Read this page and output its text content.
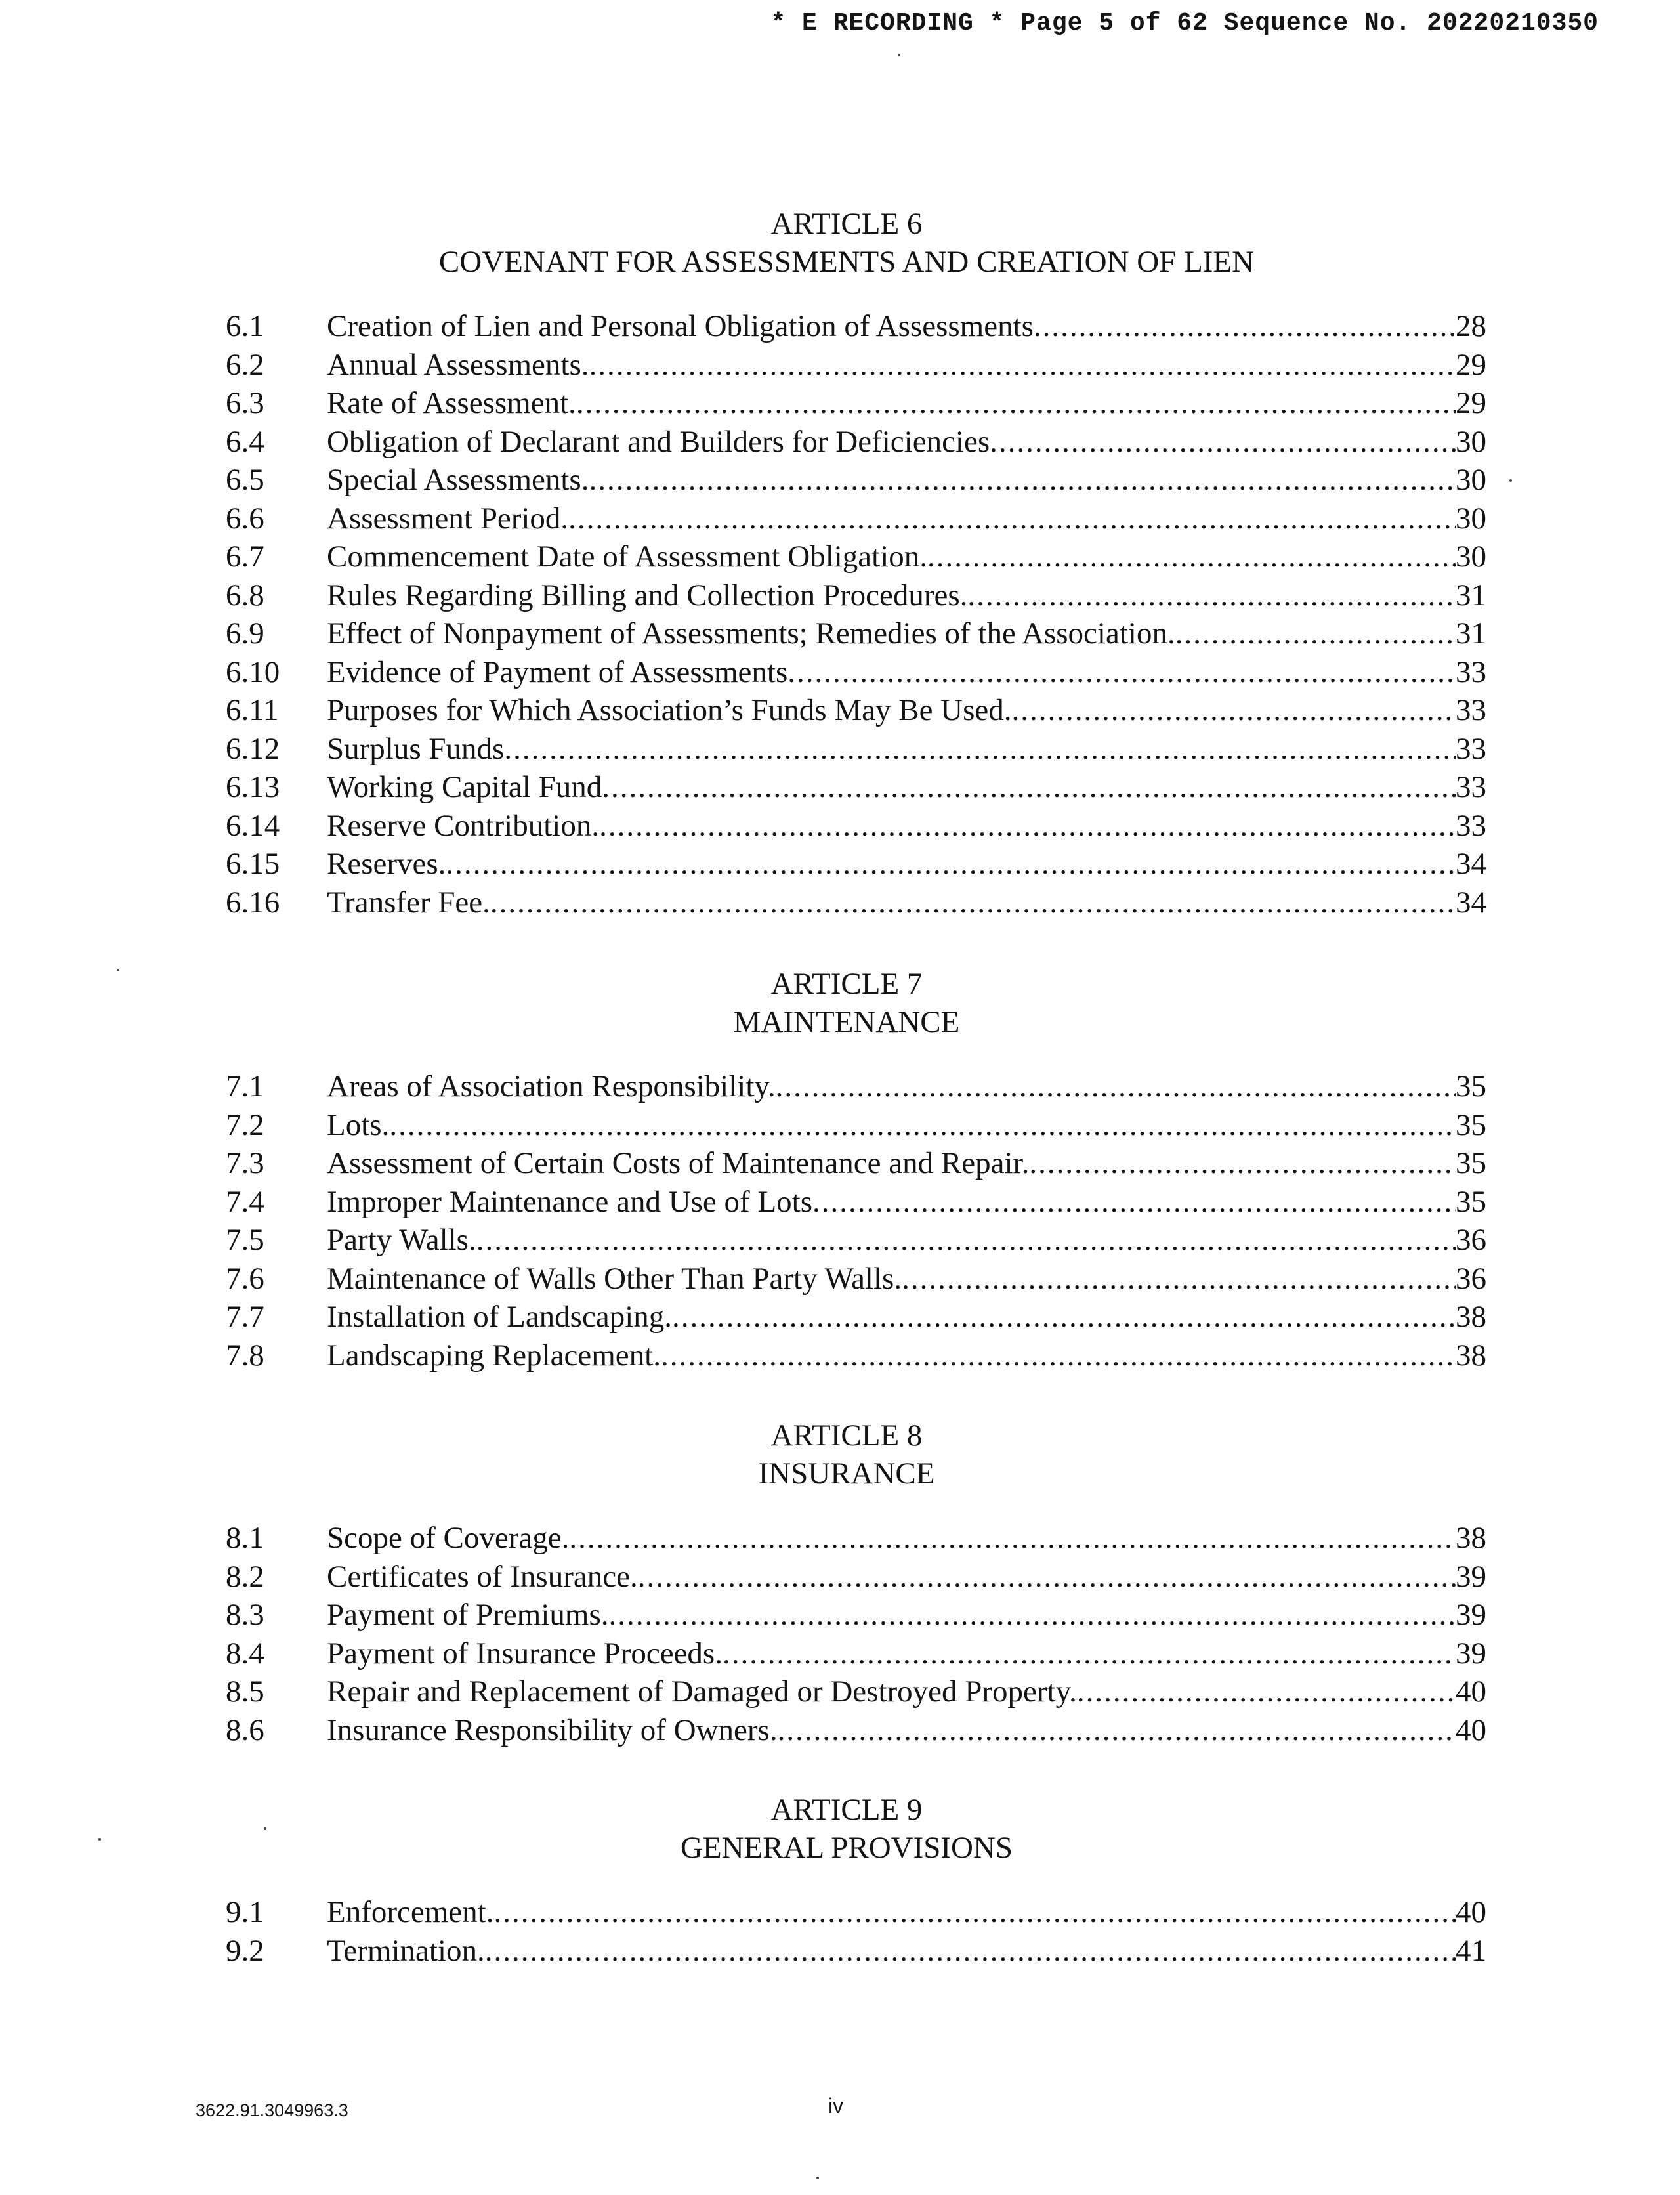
* E RECORDING * Page 5 of 62 Sequence No. 20220210350
ARTICLE 6
COVENANT FOR ASSESSMENTS AND CREATION OF LIEN
6.1 Creation of Lien and Personal Obligation of Assessments .....	28
6.2 Annual Assessments. .....	29
6.3 Rate of Assessment. .....	29
6.4 Obligation of Declarant and Builders for Deficiencies .....	30
6.5 Special Assessments. .....	30
6.6 Assessment Period. .....	30
6.7 Commencement Date of Assessment Obligation. .....	30
6.8 Rules Regarding Billing and Collection Procedures. .....	31
6.9 Effect of Nonpayment of Assessments; Remedies of the Association. .....	31
6.10 Evidence of Payment of Assessments .....	33
6.11 Purposes for Which Association’s Funds May Be Used. .....	33
6.12 Surplus Funds .....	33
6.13 Working Capital Fund .....	33
6.14 Reserve Contribution. .....	33
6.15 Reserves. .....	34
6.16 Transfer Fee. .....	34
ARTICLE 7
MAINTENANCE
7.1 Areas of Association Responsibility. .....	35
7.2 Lots. .....	35
7.3 Assessment of Certain Costs of Maintenance and Repair. .....	35
7.4 Improper Maintenance and Use of Lots .....	35
7.5 Party Walls. .....	36
7.6 Maintenance of Walls Other Than Party Walls. .....	36
7.7 Installation of Landscaping. .....	38
7.8 Landscaping Replacement. .....	38
ARTICLE 8
INSURANCE
8.1 Scope of Coverage. .....	38
8.2 Certificates of Insurance. .....	39
8.3 Payment of Premiums. .....	39
8.4 Payment of Insurance Proceeds. .....	39
8.5 Repair and Replacement of Damaged or Destroyed Property. .....	40
8.6 Insurance Responsibility of Owners. .....	40
ARTICLE 9
GENERAL PROVISIONS
9.1 Enforcement. .....	40
9.2 Termination. .....	41
3622.91.3049963.3	iv
